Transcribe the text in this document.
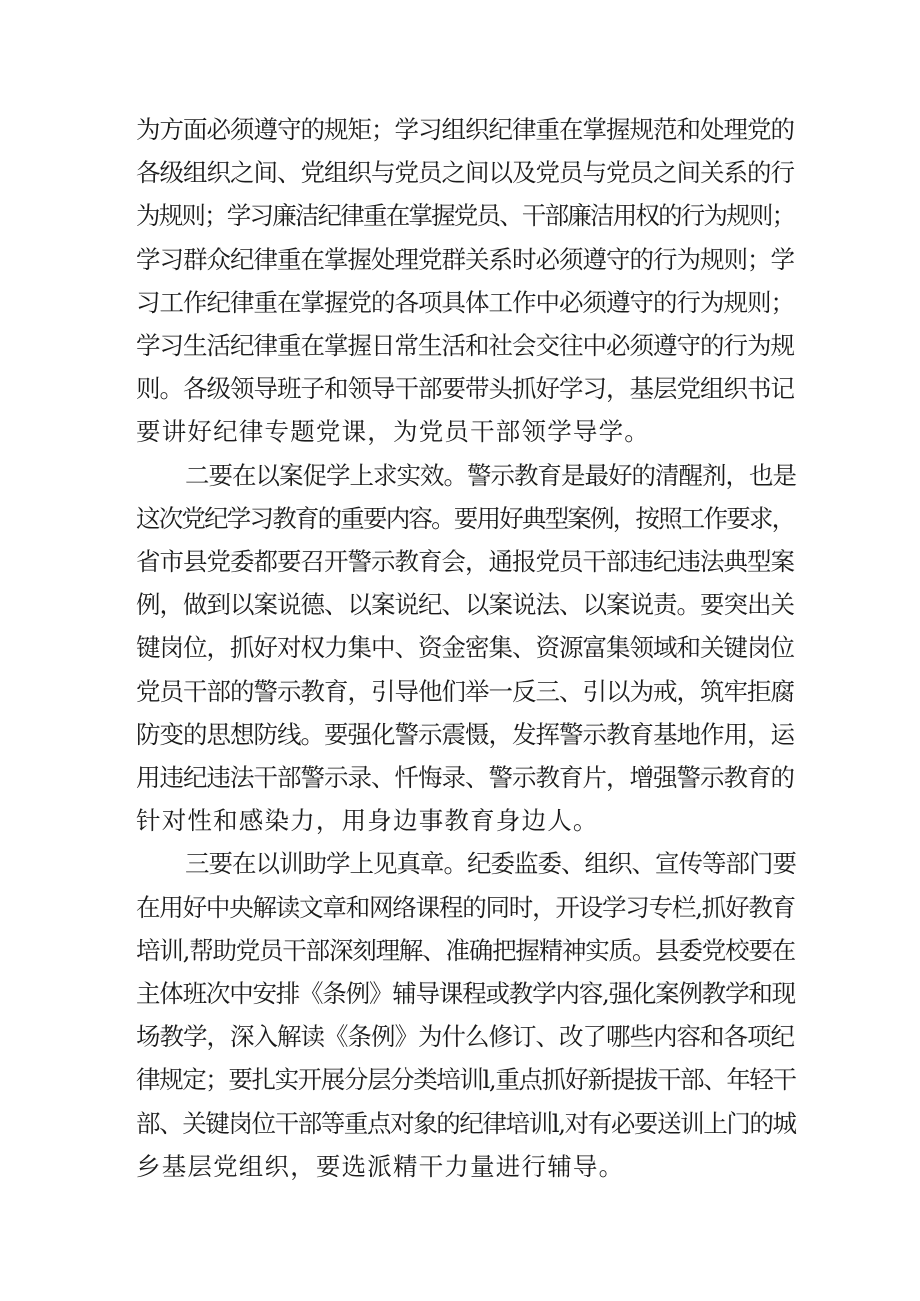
为方面必须遵守的规矩；学习组织纪律重在掌握规范和处理党的
各级组织之间、党组织与党员之间以及党员与党员之间关系的行
为规则；学习廉洁纪律重在掌握党员、干部廉洁用权的行为规则；
学习群众纪律重在掌握处理党群关系时必须遵守的行为规则；学
习工作纪律重在掌握党的各项具体工作中必须遵守的行为规则；
学习生活纪律重在掌握日常生活和社会交往中必须遵守的行为规
则。各级领导班子和领导干部要带头抓好学习，基层党组织书记
要讲好纪律专题党课，为党员干部领学导学。
二要在以案促学上求实效。警示教育是最好的清醒剂，也是
这次党纪学习教育的重要内容。要用好典型案例，按照工作要求，
省市县党委都要召开警示教育会，通报党员干部违纪违法典型案
例，做到以案说德、以案说纪、以案说法、以案说责。要突出关
键岗位，抓好对权力集中、资金密集、资源富集领域和关键岗位
党员干部的警示教育，引导他们举一反三、引以为戒，筑牢拒腐
防变的思想防线。要强化警示震慑，发挥警示教育基地作用，运
用违纪违法干部警示录、忏悔录、警示教育片，增强警示教育的
针对性和感染力，用身边事教育身边人。
三要在以训助学上见真章。纪委监委、组织、宣传等部门要
在用好中央解读文章和网络课程的同时，开设学习专栏,抓好教育
培训,帮助党员干部深刻理解、准确把握精神实质。县委党校要在
主体班次中安排《条例》辅导课程或教学内容,强化案例教学和现
场教学，深入解读《条例》为什么修订、改了哪些内容和各项纪
律规定；要扎实开展分层分类培训l,重点抓好新提拔干部、年轻干
部、关键岗位干部等重点对象的纪律培训l,对有必要送训上门的城
乡基层党组织，要选派精干力量进行辅导。
